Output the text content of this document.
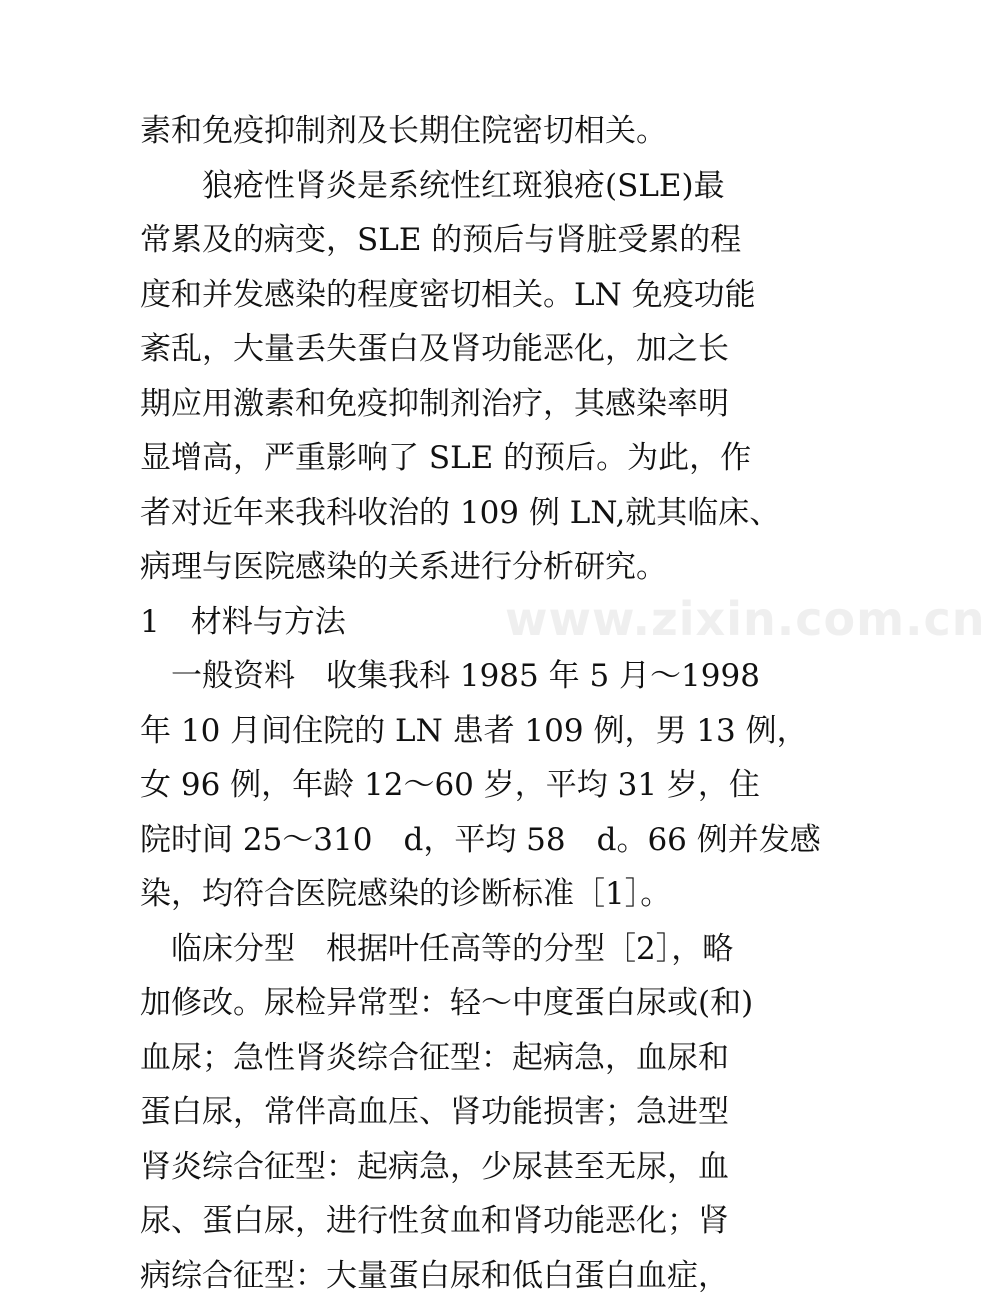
素和免疫抑制剂及长期住院密切相关。
　　狼疮性肾炎是系统性红斑狼疮(SLE)最
常累及的病变，SLE 的预后与肾脏受累的程
度和并发感染的程度密切相关。LN 免疫功能
紊乱，大量丢失蛋白及肾功能恶化，加之长
期应用激素和免疫抑制剂治疗，其感染率明
显增高，严重影响了 SLE 的预后。为此，作
者对近年来我科收治的 109 例 LN,就其临床、
病理与医院感染的关系进行分析研究。
1　材料与方法
　一般资料　收集我科 1985 年 5 月～1998
年 10 月间住院的 LN 患者 109 例，男 13 例，
女 96 例，年龄 12～60 岁，平均 31 岁，住
院时间 25～310　d，平均 58　d。66 例并发感
染，均符合医院感染的诊断标准［1］。
　临床分型　根据叶任高等的分型［2］，略
加修改。尿检异常型：轻～中度蛋白尿或(和)
血尿；急性肾炎综合征型：起病急，血尿和
蛋白尿，常伴高血压、肾功能损害；急进型
肾炎综合征型：起病急，少尿甚至无尿，血
尿、蛋白尿，进行性贫血和肾功能恶化；肾
病综合征型：大量蛋白尿和低白蛋白血症，
www.zixin.com.cn
